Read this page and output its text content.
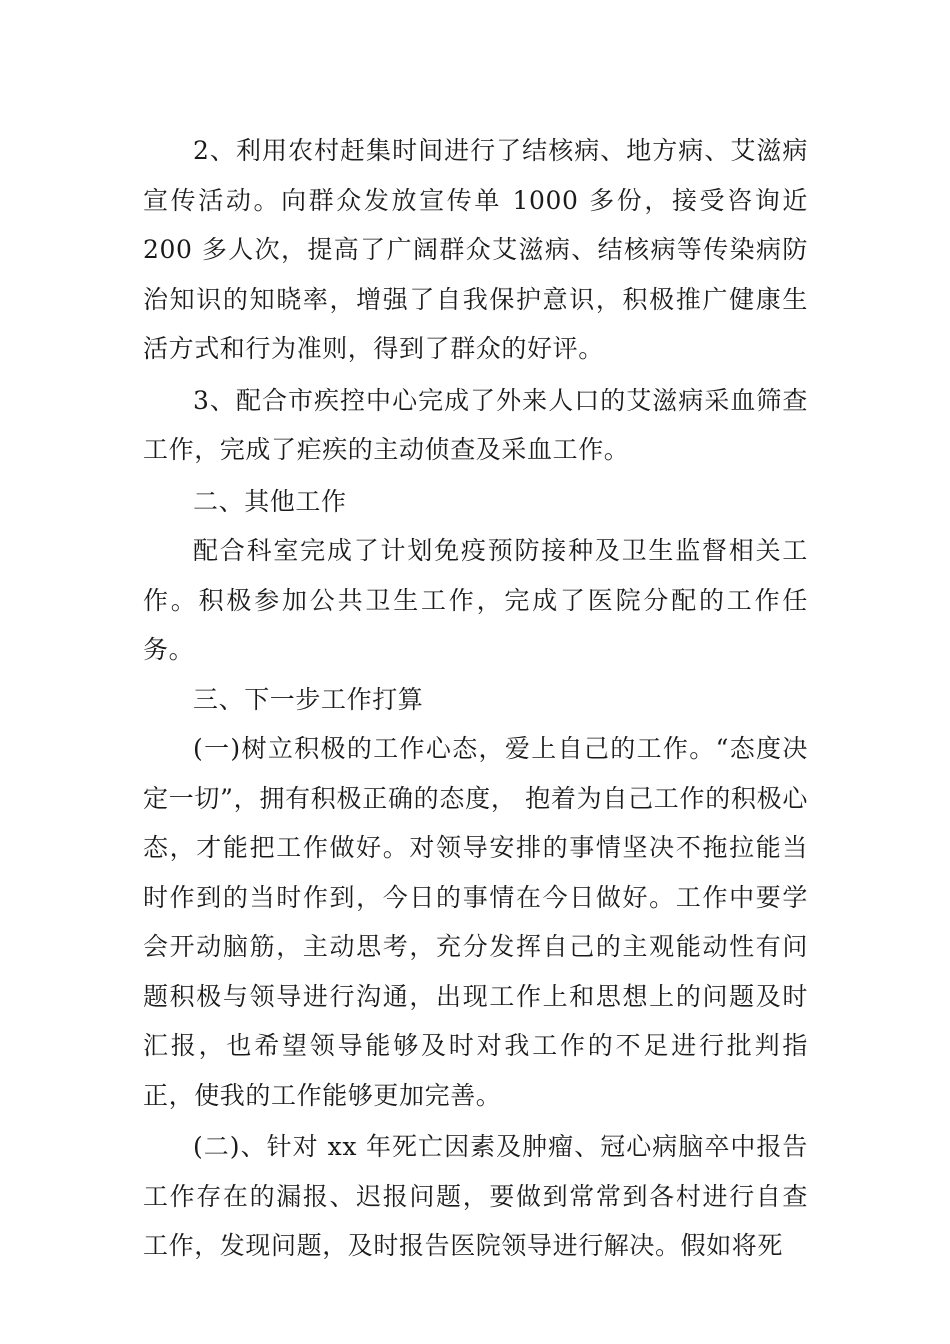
2、利用农村赶集时间进行了结核病、地方病、艾滋病宣传活动。向群众发放宣传单 1000 多份，接受咨询近 200 多人次，提高了广阔群众艾滋病、结核病等传染病防治知识的知晓率，增强了自我保护意识，积极推广健康生活方式和行为准则，得到了群众的好评。

3、配合市疾控中心完成了外来人口的艾滋病采血筛查工作，完成了疟疾的主动侦查及采血工作。

二、其他工作

配合科室完成了计划免疫预防接种及卫生监督相关工作。积极参加公共卫生工作，完成了医院分配的工作任务。

三、下一步工作打算

(一)树立积极的工作心态，爱上自己的工作。“态度决定一切”，拥有积极正确的态度， 抱着为自己工作的积极心态，才能把工作做好。对领导安排的事情坚决不拖拉能当时作到的当时作到，今日的事情在今日做好。工作中要学会开动脑筋，主动思考，充分发挥自己的主观能动性有问题积极与领导进行沟通，出现工作上和思想上的问题及时汇报，也希望领导能够及时对我工作的不足进行批判指正，使我的工作能够更加完善。

(二)、针对 xx 年死亡因素及肿瘤、冠心病脑卒中报告工作存在的漏报、迟报问题，要做到常常到各村进行自查工作，发现问题，及时报告医院领导进行解决。假如将死
